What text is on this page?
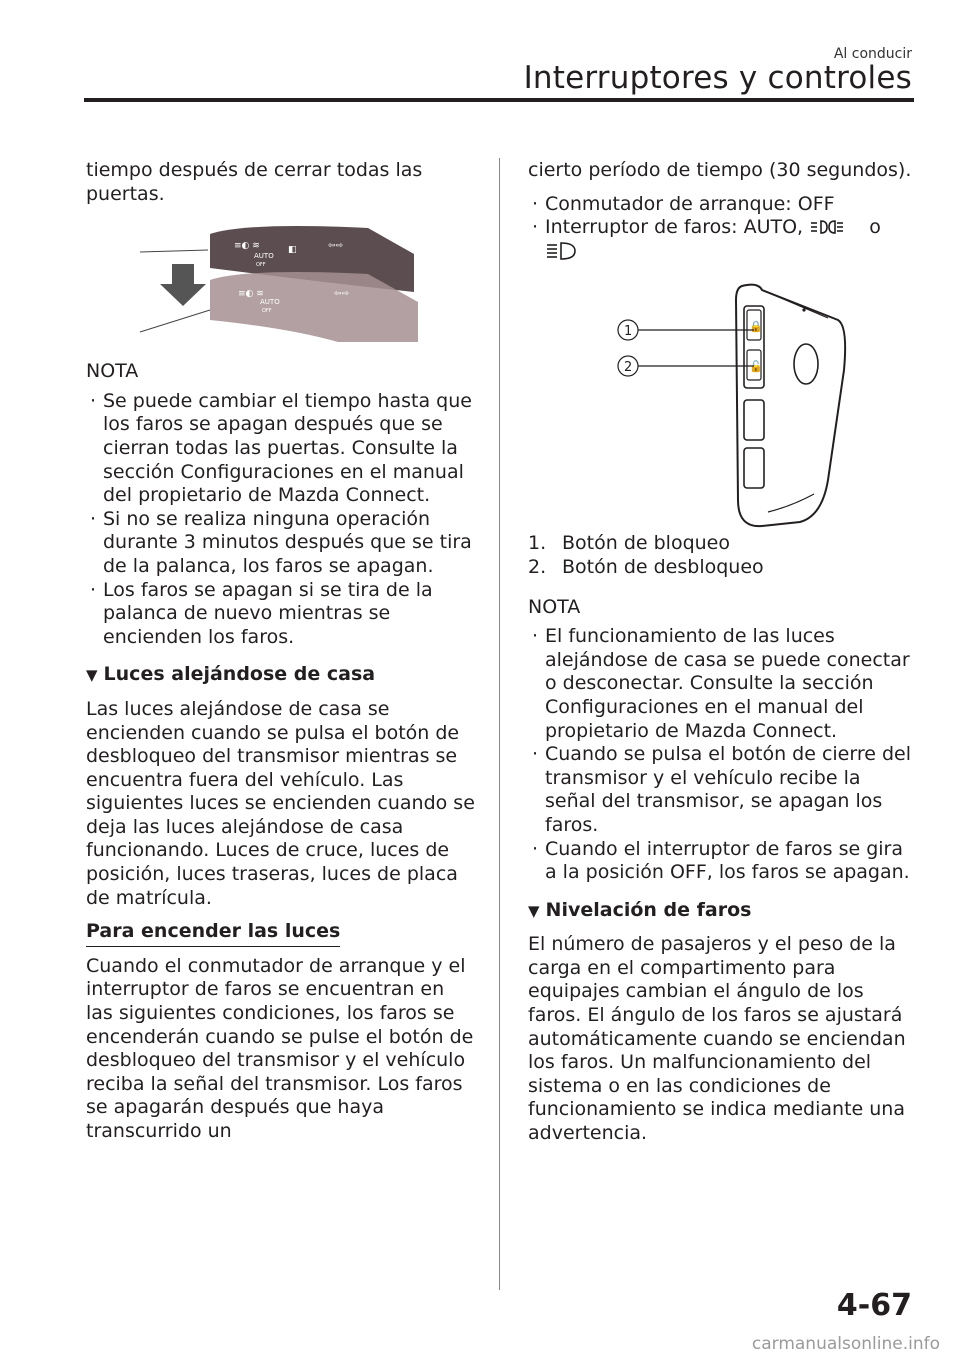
Al conducir
Interruptores y controles

tiempo después de cerrar todas las puertas.

AUTO
OFF
AUTO
OFF
≡◐ ≋	◧	⇦⇨
≡◐ ≋	⇦⇨

NOTA

· Se puede cambiar el tiempo hasta que los faros se apagan después que se cierran todas las puertas. Consulte la sección Configuraciones en el manual del propietario de Mazda Connect.
· Si no se realiza ninguna operación durante 3 minutos después que se tira de la palanca, los faros se apagan.
· Los faros se apagan si se tira de la palanca de nuevo mientras se encienden los faros.

▼ Luces alejándose de casa

Las luces alejándose de casa se encienden cuando se pulsa el botón de desbloqueo del transmisor mientras se encuentra fuera del vehículo. Las siguientes luces se encienden cuando se deja las luces alejándose de casa funcionando. Luces de cruce, luces de posición, luces traseras, luces de placa de matrícula.

Para encender las luces

Cuando el conmutador de arranque y el interruptor de faros se encuentran en las siguientes condiciones, los faros se encenderán cuando se pulse el botón de desbloqueo del transmisor y el vehículo reciba la señal del transmisor. Los faros se apagarán después que haya transcurrido un

cierto período de tiempo (30 segundos).

· Conmutador de arranque: OFF
· Interruptor de faros: AUTO,	o

🔒
🔓
1
2
1. Botón de bloqueo
2. Botón de desbloqueo

NOTA

· El funcionamiento de las luces alejándose de casa se puede conectar o desconectar. Consulte la sección Configuraciones en el manual del propietario de Mazda Connect.
· Cuando se pulsa el botón de cierre del transmisor y el vehículo recibe la señal del transmisor, se apagan los faros.
· Cuando el interruptor de faros se gira a la posición OFF, los faros se apagan.

▼ Nivelación de faros

El número de pasajeros y el peso de la carga en el compartimento para equipajes cambian el ángulo de los faros. El ángulo de los faros se ajustará automáticamente cuando se enciendan los faros. Un malfuncionamiento del sistema o en las condiciones de funcionamiento se indica mediante una advertencia.

4-67
carmanualsonline.info
